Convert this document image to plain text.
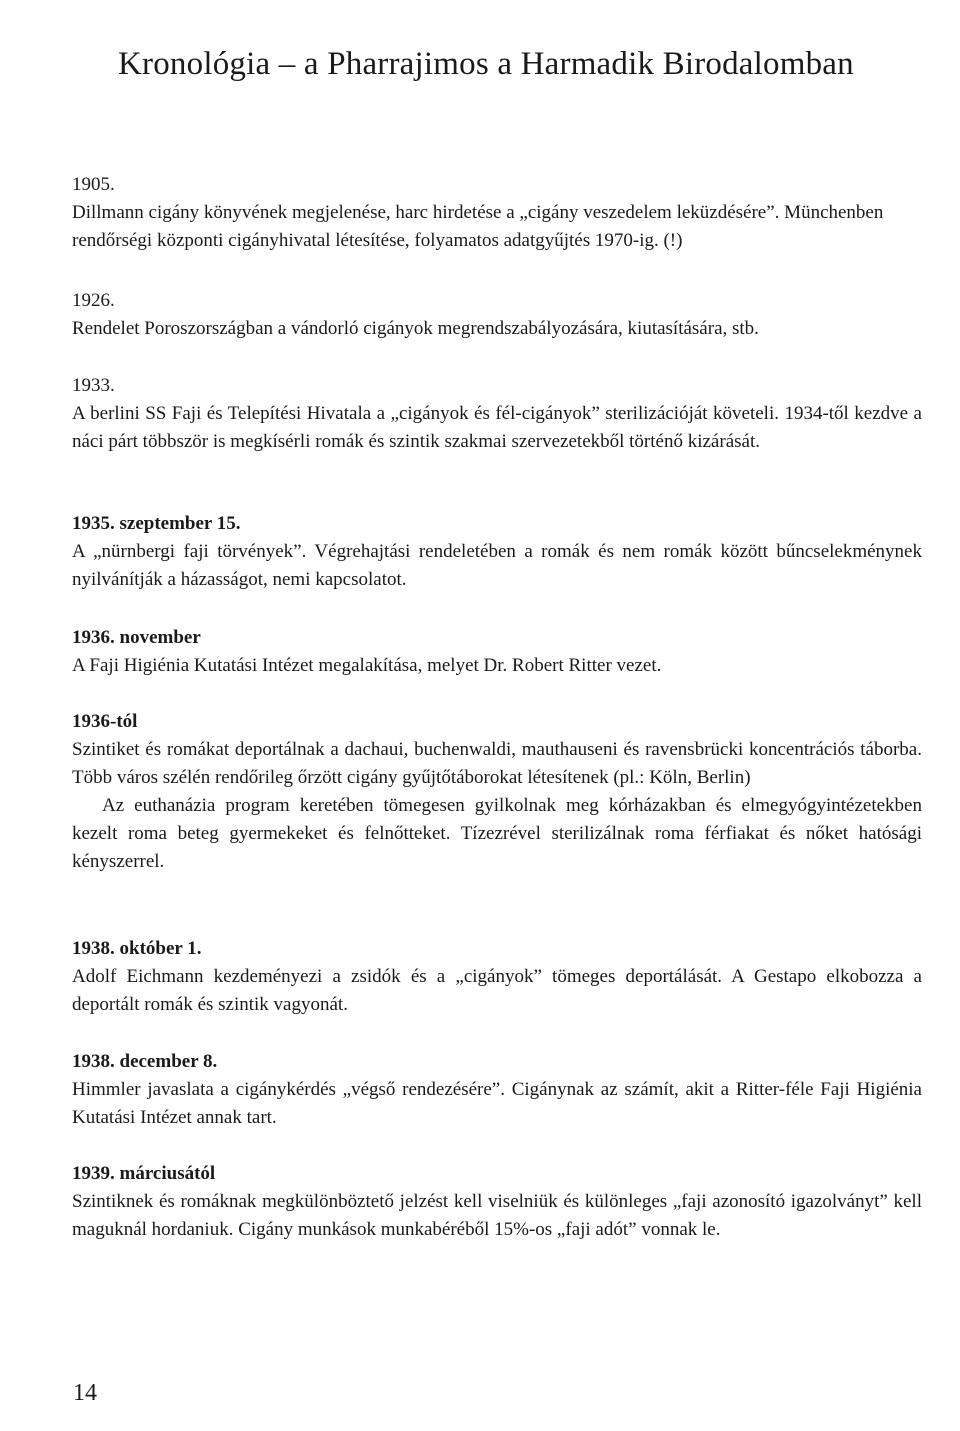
Kronológia – a Pharrajimos a Harmadik Birodalomban
1905.
Dillmann cigány könyvének megjelenése, harc hirdetése a „cigány veszedelem leküzdésére”. Münchenben rendőrségi központi cigányhivatal létesítése, folyamatos adatgyűjtés 1970-ig. (!)
1926.
Rendelet Poroszországban a vándorló cigányok megrendszabályozására, kiutasítására, stb.
1933.
A berlini SS Faji és Telepítési Hivatala a „cigányok és fél-cigányok” sterilizációját követeli. 1934-től kezdve a náci párt többször is megkísérli romák és szintik szakmai szervezetekből történő kizárását.
1935. szeptember 15.
A „nürnbergi faji törvények”. Végrehajtási rendeletében a romák és nem romák között bűncselekménynek nyilvánítják a házasságot, nemi kapcsolatot.
1936. november
A Faji Higiénia Kutatási Intézet megalakítása, melyet Dr. Robert Ritter vezet.
1936-tól
Szintiket és romákat deportálnak a dachaui, buchenwaldi, mauthauseni és ravensbrücki koncentrációs táborba. Több város szélén rendőrileg őrzött cigány gyűjtőtáborokat létesítenek (pl.: Köln, Berlin)
Az euthanázia program keretében tömegesen gyilkolnak meg kórházakban és elmegyógyintézetekben kezelt roma beteg gyermekeket és felnőtteket. Tízezrével sterilizálnak roma férfiakat és nőket hatósági kényszerrel.
1938. október 1.
Adolf Eichmann kezdeményezi a zsidók és a „cigányok” tömeges deportálását. A Gestapo elkobozza a deportált romák és szintik vagyonát.
1938. december 8.
Himmler javaslata a cigánykérdés „végső rendezésére”. Cigánynak az számít, akit a Ritter-féle Faji Higiénia Kutatási Intézet annak tart.
1939. márciusától
Szintiknek és romáknak megkülönböztető jelzést kell viselniük és különleges „faji azonosító igazolványt” kell maguknál hordaniuk. Cigány munkások munkabéréből 15%-os „faji adót” vonnak le.
14
